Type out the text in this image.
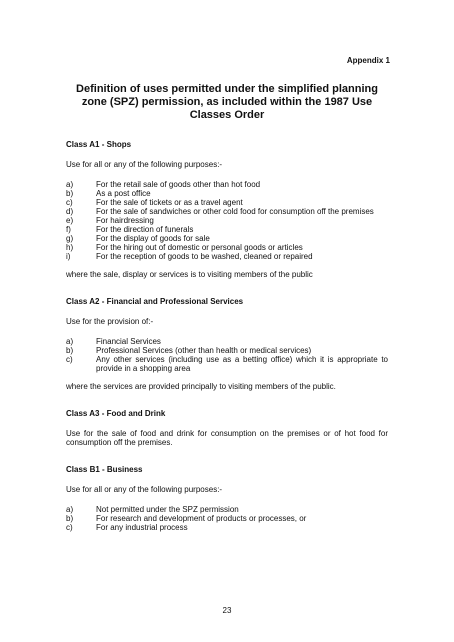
Appendix 1
Definition of uses permitted under the simplified planning zone (SPZ) permission, as included within the 1987 Use Classes Order
Class A1 - Shops
Use for all or any of the following purposes:-
a)	For the retail sale of goods other than hot food
b)	As a post office
c)	For the sale of tickets or as a travel agent
d)	For the sale of sandwiches or other cold food for consumption off the premises
e)	For hairdressing
f)	For the direction of funerals
g)	For the display of goods for sale
h)	For the hiring out of domestic or personal goods or articles
i)	For the reception of goods to be washed, cleaned or repaired
where the sale, display or services is to visiting members of the public
Class A2 - Financial and Professional Services
Use for the provision of:-
a)	Financial Services
b)	Professional Services (other than health or medical services)
c)	Any other services (including use as a betting office) which it is appropriate to provide in a shopping area
where the services are provided principally to visiting members of the public.
Class A3 - Food and Drink
Use for the sale of food and drink for consumption on the premises or of hot food for consumption off the premises.
Class B1 - Business
Use for all or any of the following purposes:-
a)	Not permitted under the SPZ permission
b)	For research and development of products or processes, or
c)	For any industrial process
23
